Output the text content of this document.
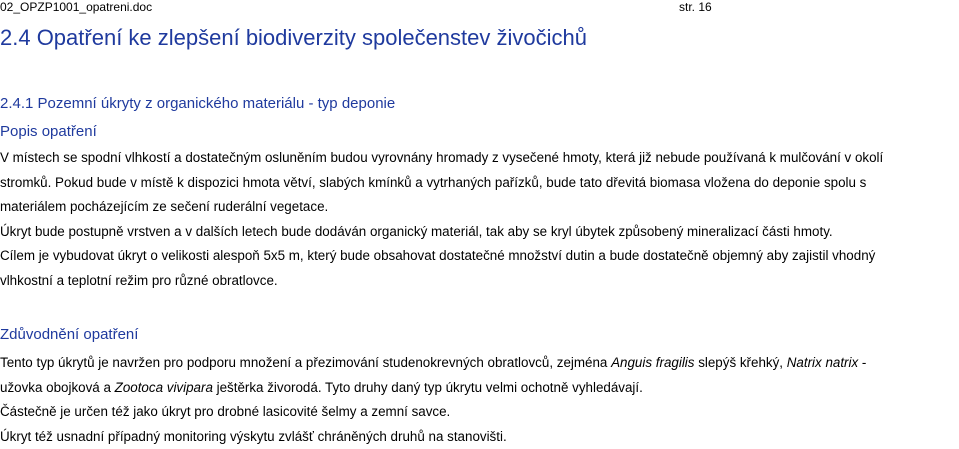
02_OPZP1001_opatreni.doc	str. 16
2.4 Opatření ke zlepšení biodiverzity společenstev živočichů
2.4.1 Pozemní úkryty z organického materiálu - typ deponie
Popis opatření
V místech se spodní vlhkostí a dostatečným osluněním budou vyrovnány hromady z vysečené hmoty, která již nebude používaná k mulčování v okolí
stromků. Pokud bude v místě k dispozici hmota větví, slabých kmínků a vytrhaných pařízků, bude tato dřevitá biomasa vložena do deponie spolu s
materiálem pocházejícím ze sečení ruderální vegetace.
Úkryt bude postupně vrstven a v dalších letech bude dodáván organický materiál, tak aby se kryl úbytek způsobený mineralizací části hmoty.
Cílem je vybudovat úkryt o velikosti alespoň 5x5 m, který bude obsahovat dostatečné množství dutin a bude dostatečně objemný aby zajistil vhodný
vlhkostní a teplotní režim pro různé obratlovce.
Zdůvodnění opatření
Tento typ úkrytů je navržen pro podporu množení a přezimování studenokrevných obratlovců, zejména Anguis fragilis slepýš křehký, Natrix natrix -
užovka obojková a Zootoca vivipara ještěrka živorodá. Tyto druhy daný typ úkrytu velmi ochotně vyhledávají.
Částečně je určen též jako úkryt pro drobné lasicovité šelmy a zemní savce.
Úkryt též usnadní případný monitoring výskytu zvlášť chráněných druhů na stanovišti.
